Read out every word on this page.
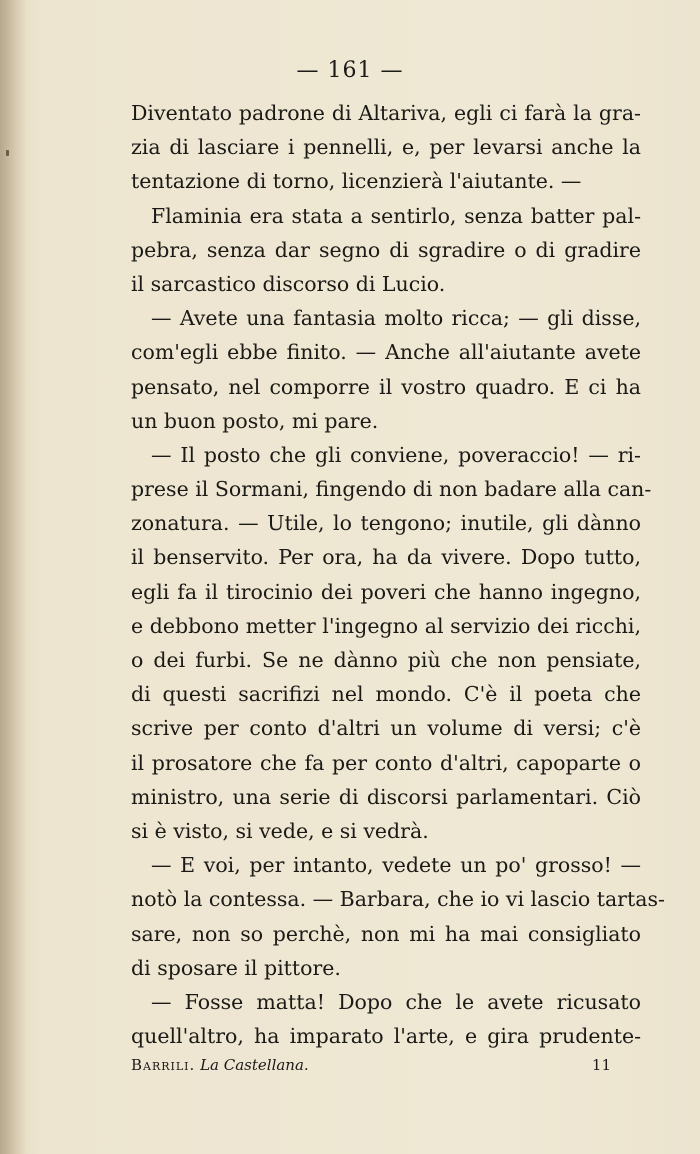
— 161 —
Diventato padrone di Altariva, egli ci farà la gra-
zia di lasciare i pennelli, e, per levarsi anche la
tentazione di torno, licenzierà l'aiutante. —
Flaminia era stata a sentirlo, senza batter pal-
pebra, senza dar segno di sgradire o di gradire
il sarcastico discorso di Lucio.
— Avete una fantasia molto ricca; — gli disse,
com'egli ebbe finito. — Anche all'aiutante avete
pensato, nel comporre il vostro quadro. E ci ha
un buon posto, mi pare.
— Il posto che gli conviene, poveraccio! — ri-
prese il Sormani, fingendo di non badare alla can-
zonatura. — Utile, lo tengono; inutile, gli dànno
il benservito. Per ora, ha da vivere. Dopo tutto,
egli fa il tirocinio dei poveri che hanno ingegno,
e debbono metter l'ingegno al servizio dei ricchi,
o dei furbi. Se ne dànno più che non pensiate,
di questi sacrifizi nel mondo. C'è il poeta che
scrive per conto d'altri un volume di versi; c'è
il prosatore che fa per conto d'altri, capoparte o
ministro, una serie di discorsi parlamentari. Ciò
si è visto, si vede, e si vedrà.
— E voi, per intanto, vedete un po' grosso! —
notò la contessa. — Barbara, che io vi lascio tartas-
sare, non so perchè, non mi ha mai consigliato
di sposare il pittore.
— Fosse matta! Dopo che le avete ricusato
quell'altro, ha imparato l'arte, e gira prudente-
Barrili. La Castellana.	11
